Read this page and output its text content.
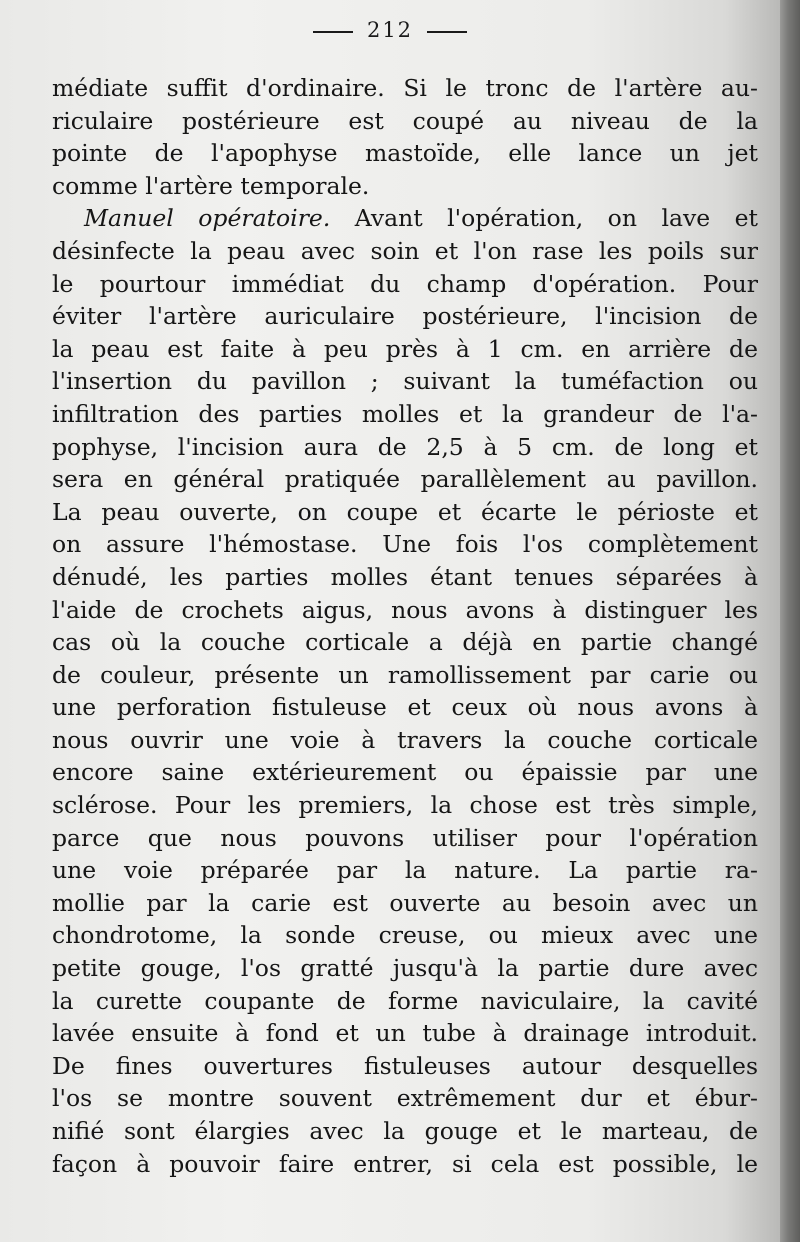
212
médiate suffit d'ordinaire. Si le tronc de l'artère au-
riculaire postérieure est coupé au niveau de la
pointe de l'apophyse mastoïde, elle lance un jet
comme l'artère temporale.
Manuel opératoire. Avant l'opération, on lave et
désinfecte la peau avec soin et l'on rase les poils sur
le pourtour immédiat du champ d'opération. Pour
éviter l'artère auriculaire postérieure, l'incision de
la peau est faite à peu près à 1 cm. en arrière de
l'insertion du pavillon ; suivant la tuméfaction ou
infiltration des parties molles et la grandeur de l'a-
pophyse, l'incision aura de 2,5 à 5 cm. de long et
sera en général pratiquée parallèlement au pavillon.
La peau ouverte, on coupe et écarte le périoste et
on assure l'hémostase. Une fois l'os complètement
dénudé, les parties molles étant tenues séparées à
l'aide de crochets aigus, nous avons à distinguer les
cas où la couche corticale a déjà en partie changé
de couleur, présente un ramollissement par carie ou
une perforation fistuleuse et ceux où nous avons à
nous ouvrir une voie à travers la couche corticale
encore saine extérieurement ou épaissie par une
sclérose. Pour les premiers, la chose est très simple,
parce que nous pouvons utiliser pour l'opération
une voie préparée par la nature. La partie ra-
mollie par la carie est ouverte au besoin avec un
chondrotome, la sonde creuse, ou mieux avec une
petite gouge, l'os gratté jusqu'à la partie dure avec
la curette coupante de forme naviculaire, la cavité
lavée ensuite à fond et un tube à drainage introduit.
De fines ouvertures fistuleuses autour desquelles
l'os se montre souvent extrêmement dur et ébur-
nifié sont élargies avec la gouge et le marteau, de
façon à pouvoir faire entrer, si cela est possible, le
